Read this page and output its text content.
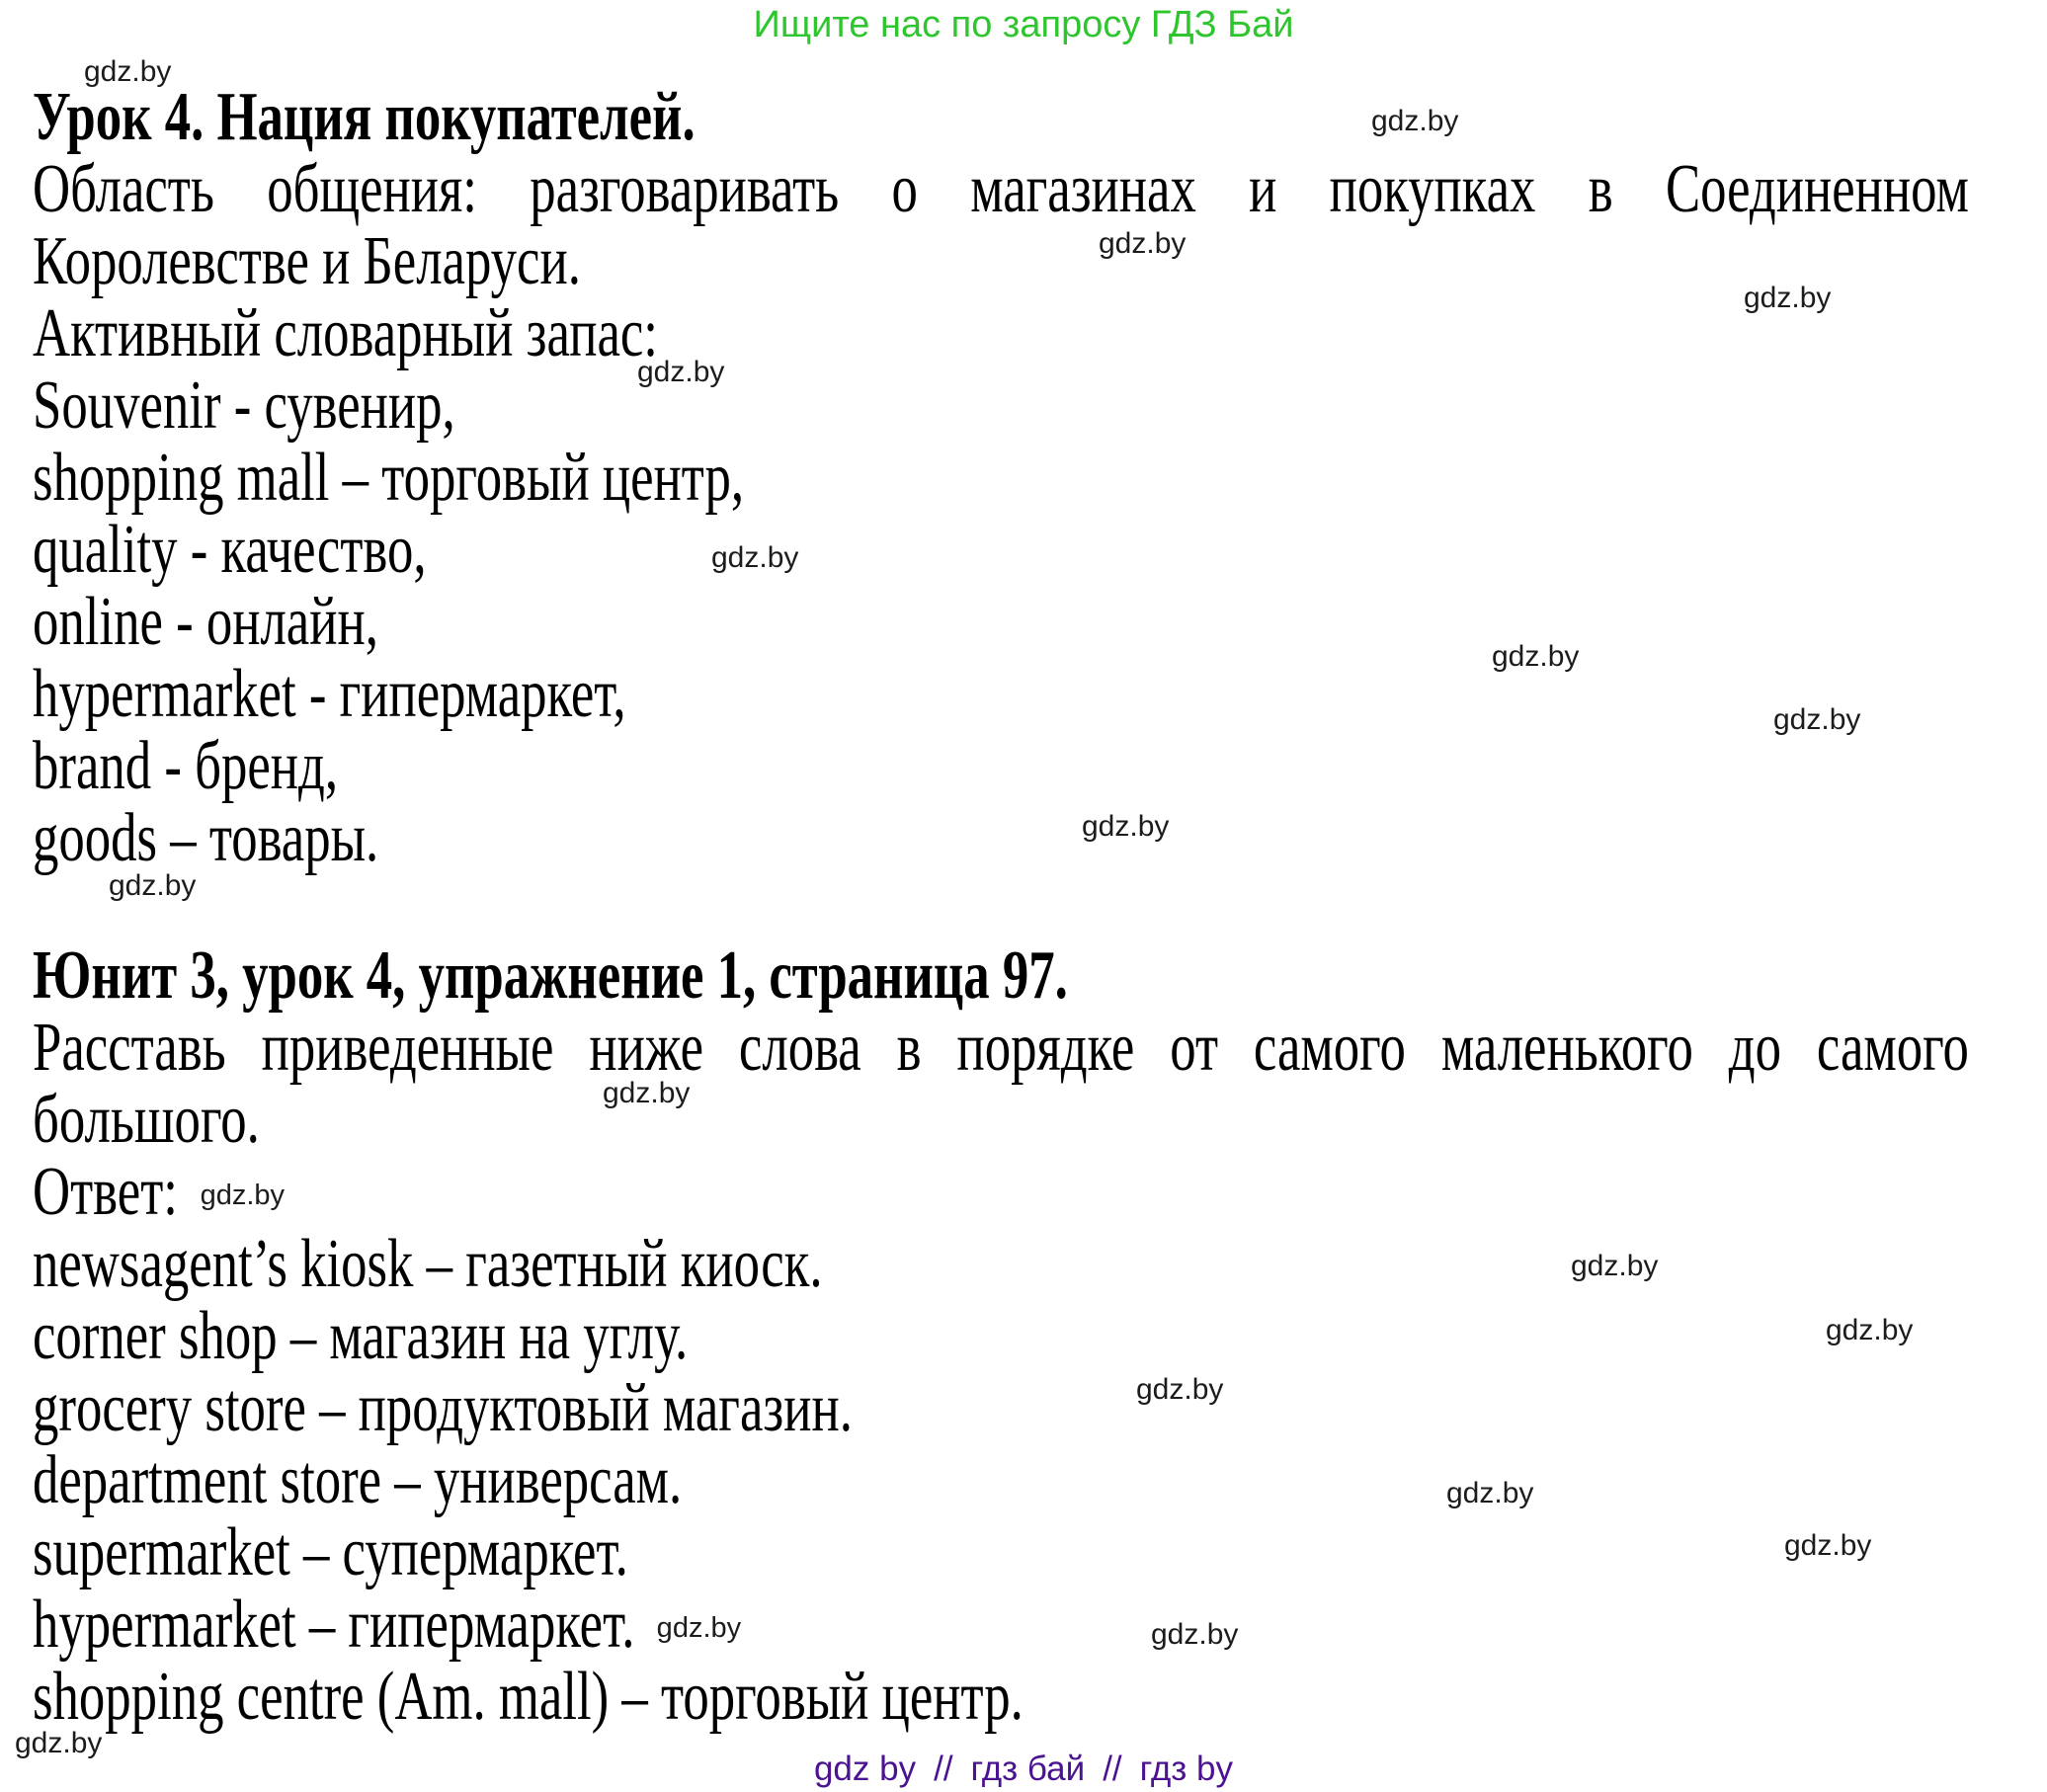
Ищите нас по запросу ГДЗ Бай
gdz.by
gdz.by
gdz.by
gdz.by
gdz.by
gdz.by
gdz.by
gdz.by
gdz.by
gdz.by
gdz.by
gdz.by
gdz.by
gdz.by
gdz.by
gdz.by
gdz.by
gdz.by
Урок 4. Нация покупателей.
Область общения: разговаривать о магазинах и покупках в Соединенном
Королевстве и Беларуси.
Активный словарный запас:
Souvenir - сувенир,
shopping mall – торговый центр,
quality - качество,
online - онлайн,
hypermarket - гипермаркет,
brand - бренд,
goods – товары.
Юнит 3, урок 4, упражнение 1, страница 97.
Расставь приведенные ниже слова в порядке от самого маленького до самого
большого.
Ответ: gdz.by
newsagent’s kiosk – газетный киоск.
corner shop – магазин на углу.
grocery store – продуктовый магазин.
department store – универсам.
supermarket – супермаркет.
hypermarket – гипермаркет. gdz.by
shopping centre (Am. mall) – торговый центр.
gdz by // гдз бай // гдз by
